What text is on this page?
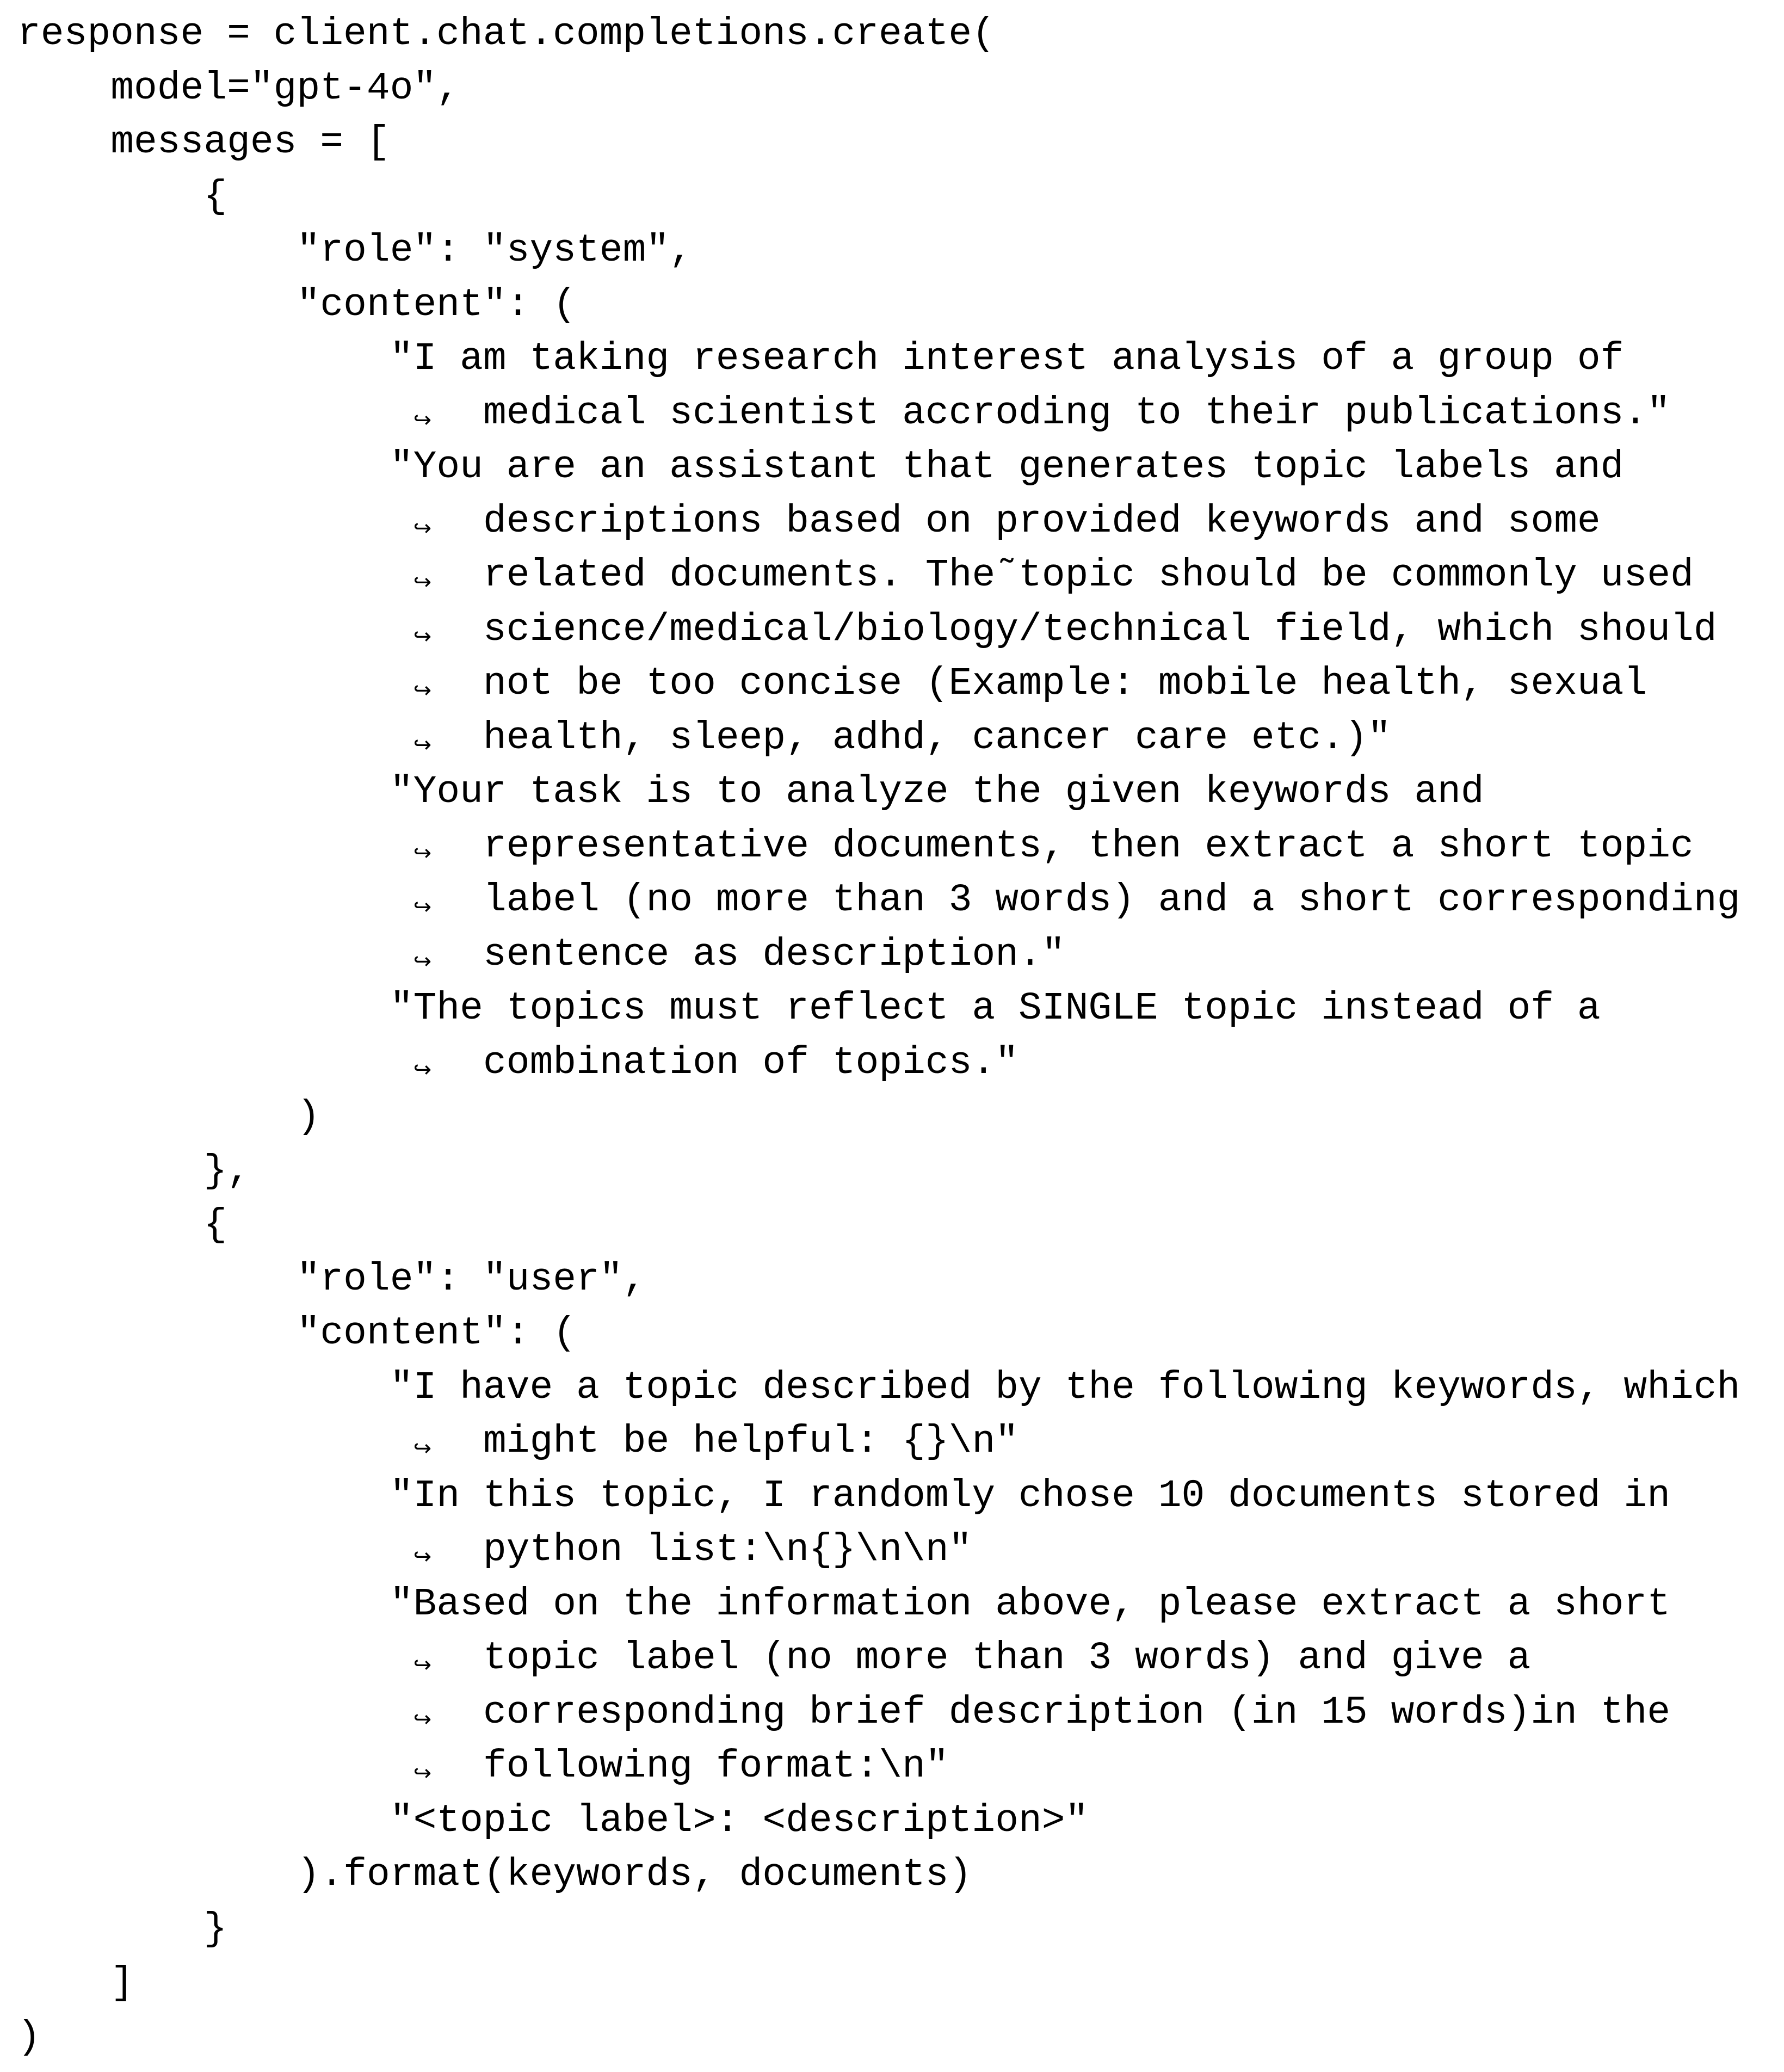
response = client.chat.completions.create(
model="gpt-4o",
messages = [
{
"role": "system",
"content": (
"I am taking research interest analysis of a group of
↪ medical scientist accroding to their publications."
"You are an assistant that generates topic labels and
↪ descriptions based on provided keywords and some
↪ related documents. The˜topic should be commonly used
↪ science/medical/biology/technical field, which should
↪ not be too concise (Example: mobile health, sexual
↪ health, sleep, adhd, cancer care etc.)"
"Your task is to analyze the given keywords and
↪ representative documents, then extract a short topic
↪ label (no more than 3 words) and a short corresponding
↪ sentence as description."
"The topics must reflect a SINGLE topic instead of a
↪ combination of topics."
)
},
{
"role": "user",
"content": (
"I have a topic described by the following keywords, which
↪ might be helpful: {}\n"
"In this topic, I randomly chose 10 documents stored in
↪ python list:\n{}\n\n"
"Based on the information above, please extract a short
↪ topic label (no more than 3 words) and give a
↪ corresponding brief description (in 15 words)in the
↪ following format:\n"
"<topic label>: <description>"
).format(keywords, documents)
}
]
)
